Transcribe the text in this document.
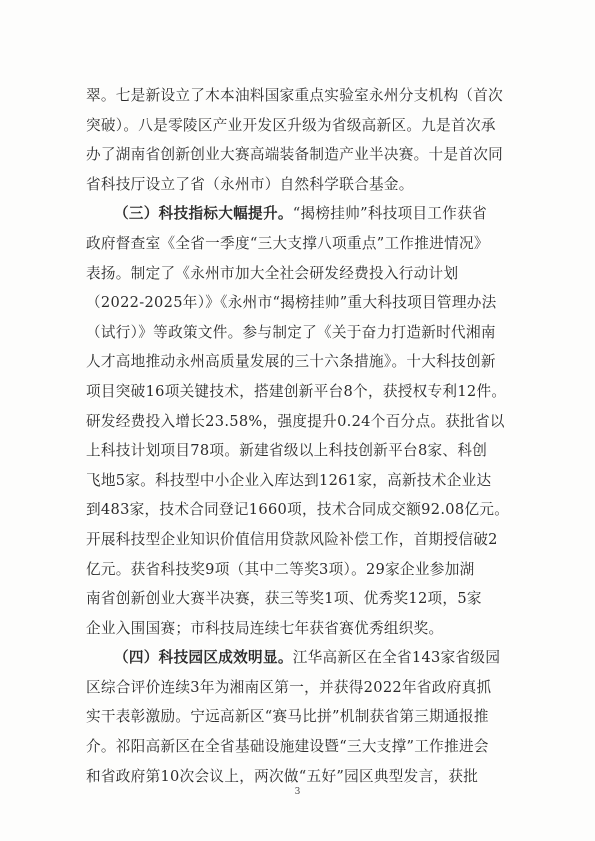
翠。七是新设立了木本油料国家重点实验室永州分支机构（首次
突破）。八是零陵区产业开发区升级为省级高新区。九是首次承
办了湖南省创新创业大赛高端装备制造产业半决赛。十是首次同
省科技厅设立了省（永州市）自然科学联合基金。
（三）科技指标大幅提升。“揭榜挂帅”科技项目工作获省
政府督查室《全省一季度“三大支撑八项重点”工作推进情况》
表扬。制定了《永州市加大全社会研发经费投入行动计划
（2022-2025年）》《永州市“揭榜挂帅”重大科技项目管理办法
（试行）》等政策文件。参与制定了《关于奋力打造新时代湘南
人才高地推动永州高质量发展的三十六条措施》。十大科技创新
项目突破16项关键技术，搭建创新平台8个，获授权专利12件。
研发经费投入增长23.58%，强度提升0.24个百分点。获批省以
上科技计划项目78项。新建省级以上科技创新平台8家、科创
飞地5家。科技型中小企业入库达到1261家，高新技术企业达
到483家，技术合同登记1660项，技术合同成交额92.08亿元。
开展科技型企业知识价值信用贷款风险补偿工作，首期授信破2
亿元。获省科技奖9项（其中二等奖3项）。29家企业参加湖
南省创新创业大赛半决赛，获三等奖1项、优秀奖12项，5家
企业入围国赛；市科技局连续七年获省赛优秀组织奖。
（四）科技园区成效明显。江华高新区在全省143家省级园
区综合评价连续3年为湘南区第一，并获得2022年省政府真抓
实干表彰激励。宁远高新区“赛马比拼”机制获省第三期通报推
介。祁阳高新区在全省基础设施建设暨“三大支撑”工作推进会
和省政府第10次会议上，两次做“五好”园区典型发言，获批
3
